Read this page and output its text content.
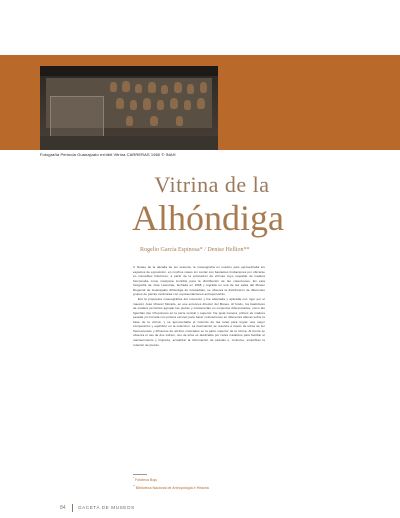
Fotografía Perinola Guanajuato exhibit Vitrina CARRERAS 1960 © INAH
Vitrina de la
Alhóndiga
Rogelio García Espinosa* / Denise Hellion**

A finales de la década de los sesenta, la museografía en nuestro país aprovechaba los espacios de exposición, en muchos casos sin contar con bastantes limitaciones por ubicarse en inmuebles históricos, a partir de la colocación de vitrinas cuyo respaldo de madera funcionaba como mampara invisible para la distribución de las colecciones. En esta fotografía de José Lameiras, fechada en 1968 y lograda en una de las salas del Museo Regional de Guanajuato Alhóndiga de Granaditas, se observa la distribución de diferentes grupos de piezas cerámicas con representaciones antropomorfas.

Era la propuesta museográfica del momento y fue adoptada y aplicada con rigor por el maestro José Chávez Morado, en ese entonces director del Museo. Al fondo, los bastidores de madera permitían agrupar las piezas y mantenerlas en conjuntos diferenciados, como las figurillas tipo Chupícuaro en la parte central y superior. De igual manera, plintos de madera pesada y/o forrada con pintura servían para hacer colocaciones en diferentes alturas sobre la base de la vitrina, y se aprovechaba el colorido de las telas para lograr una mejor composición y equilibrio en la colección. La iluminación se resolvía a través de tubos de luz fluorescentes y difusores de acrílico colocados en la parte superior de la vitrina. Al frente se observa el uso de dos vidrios, uno de ellos es deslizable por rieles metálicos para facilitar el mantenimiento y limpieza, actualizar la información de cédulas e, inclusive, simplificar la rotación de piezas.

* Fototeca Boju
** Biblioteca Nacional de Antropología e Historia
84	GACETA DE MUSEOS
